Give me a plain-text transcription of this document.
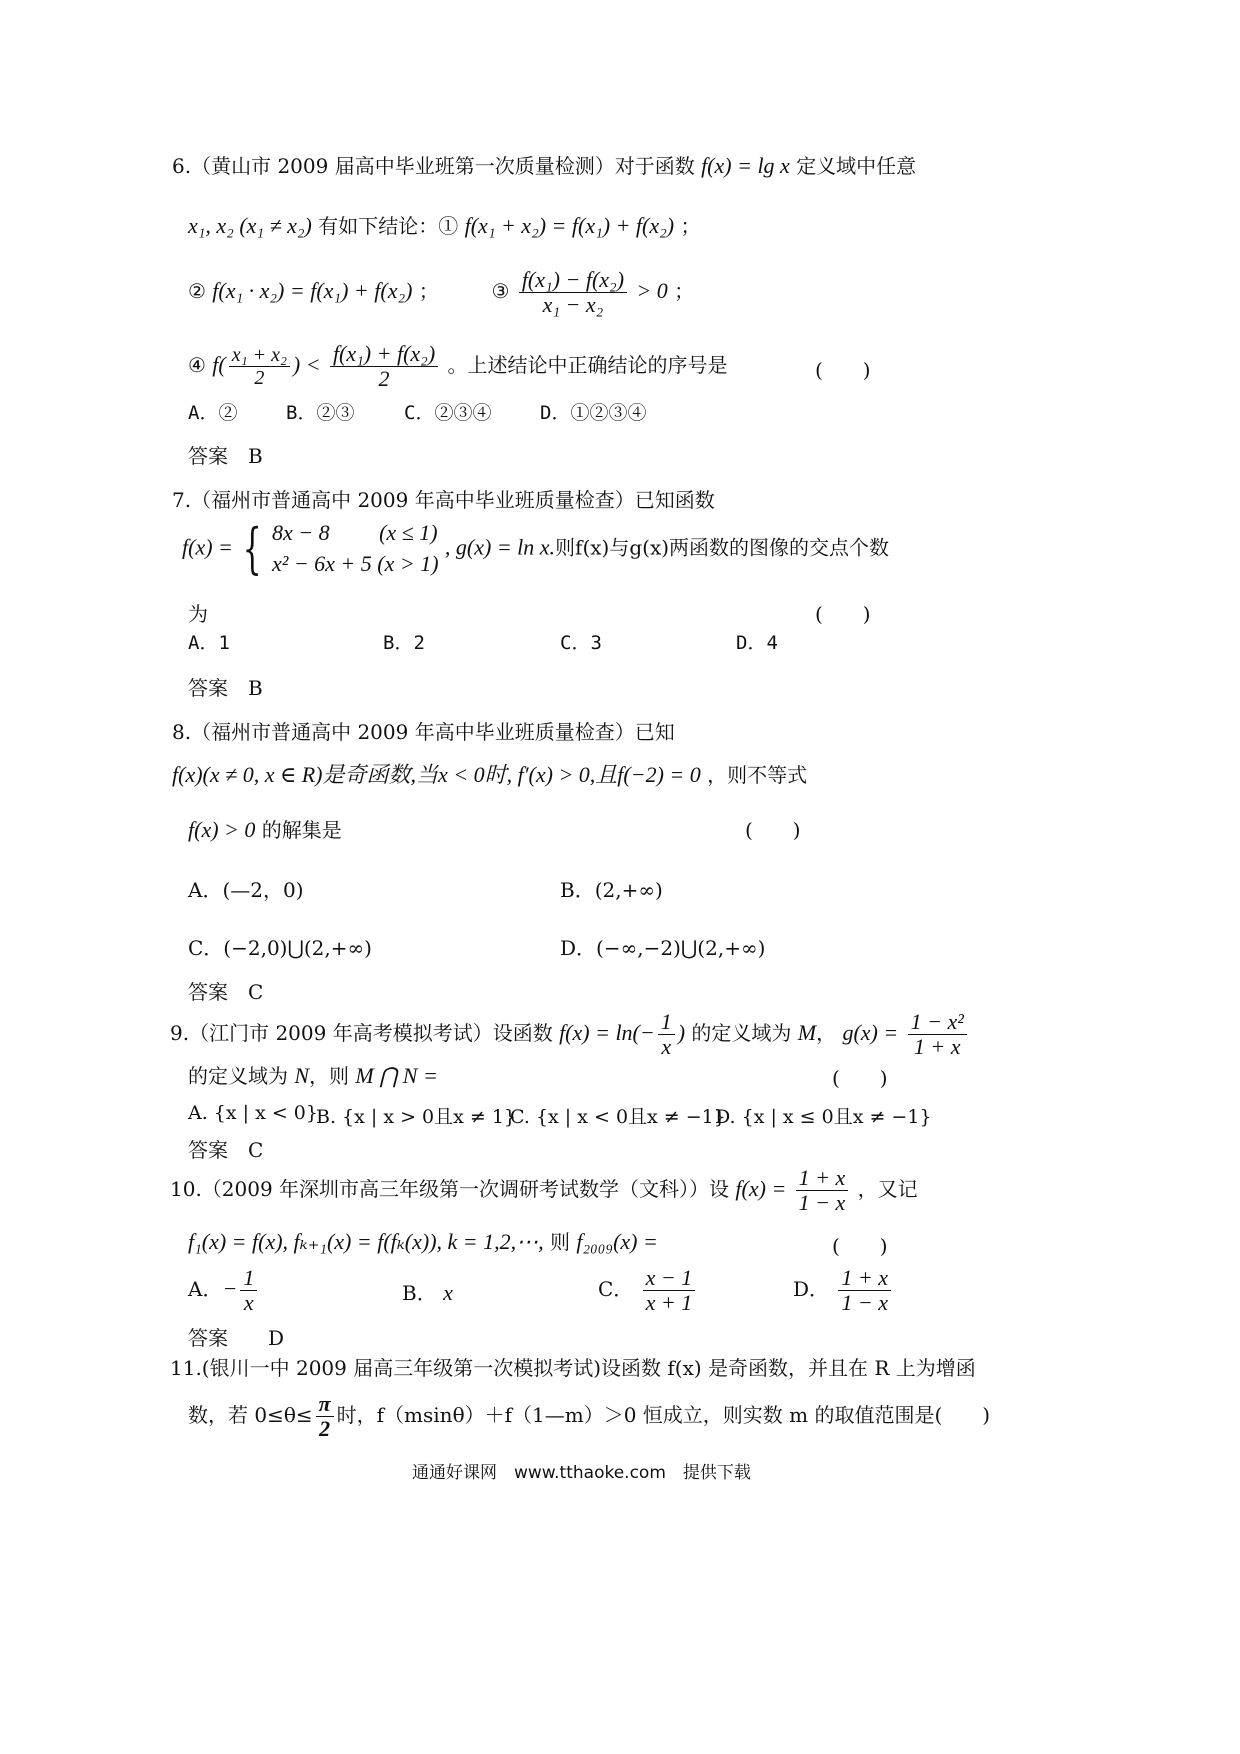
6.（黄山市 2009 届高中毕业班第一次质量检测）对于函数 f(x) = lg x 定义域中任意
x₁, x₂ (x₁ ≠ x₂) 有如下结论：① f(x₁ + x₂) = f(x₁) + f(x₂) ；
② f(x₁ · x₂) = f(x₁) + f(x₂) ；	③ $\frac{\text{f(x₁) − f(x₂)}}{\text{x₁ − x₂}} > 0$ ；
④ $f( \frac{\text{x₁ + x₂}}{2}$ ) < $\frac{\text{f(x₁) + f(x₂)}}{2}$ 。上述结论中正确结论的序号是	(　　)
A．②	B．②③	C．②③④	D．①②③④
答案　B
7.（福州市普通高中 2009 年高中毕业班质量检查）已知函数
f(x) = { 8x − 8　　 (x ≤ 1)
x² − 6x + 5 (x > 1)
, g(x) = ln x.则f(x)与g(x)两函数的图像的交点个数
为	(　　)
A．1	B．2	C．3	D．4
答案　B
8.（福州市普通高中 2009 年高中毕业班质量检查）已知
f(x)(x ≠ 0, x ∈ R)是奇函数,当x < 0时, f′(x) > 0,且f(−2) = 0 ，则不等式
f(x) > 0 的解集是	(　　)
A．(—2，0)	B．(2,+∞)
C．(−2,0)⋃(2,+∞)	D．(−∞,−2)⋃(2,+∞)
答案　C
9.（江门市 2009 年高考模拟考试）设函数 $f(x) = \ln(- \frac{1}{x}$ ) 的定义域为 M， $g(x) = \frac{\text{1 − x²}}{1 + x}$
的定义域为 N，则 M ⋂ N =	(　　)
A. {x | x < 0}
B. {x | x > 0且x ≠ 1}
C. {x | x < 0且x ≠ −1}
D. {x | x ≤ 0且x ≠ −1}
答案　C
10.（2009 年深圳市高三年级第一次调研考试数学（文科））设 $f(x) = \frac{1 + x}{1 - x}$ ，又记
f₁(x) = f(x), fₖ₊₁(x) = f(fₖ(x)), k = 1,2,⋯, 则 f₂₀₀₉(x) =	(　　)
A．− $\frac{1}{x}$	B． x	C． $\frac{x - 1}{x + 1}$	D． $\frac{1 + x}{1 - x}$
答案　　D
11.(银川一中 2009 届高三年级第一次模拟考试)设函数 f(x) 是奇函数，并且在 R 上为增函
数，若 $0\le\theta\le \frac{\pi}{2}$ 时，f（msinθ）＋f（1—m）＞0 恒成立，则实数 m 的取值范围是(　　)
通通好课网　www.tthaoke.com　提供下载
